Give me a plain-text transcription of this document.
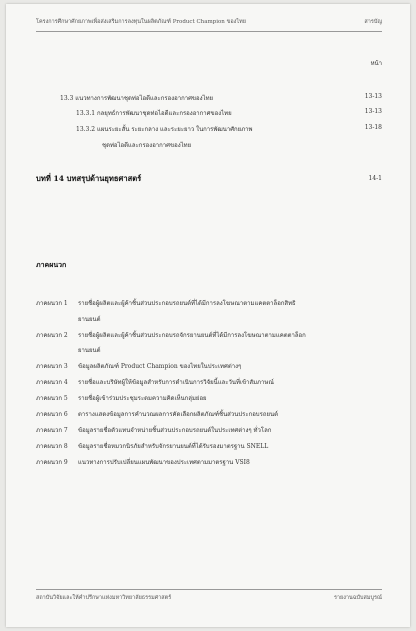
โครงการศึกษาศักยภาพเพื่อส่งเสริมการลงทุนในผลิตภัณฑ์ Product Champion ของไทย	สารบัญ
หน้า
13.3 แนวทางการพัฒนาชุดท่อไอดีและกรองอากาศของไทย	13-13
13.3.1 กลยุทธ์การพัฒนาชุดท่อไอดีและกรองอากาศของไทย	13-13
13.3.2 แผนระยะสั้น ระยะกลาง และระยะยาว ในการพัฒนาศักยภาพ	13-18
ชุดท่อไอดีและกรองอากาศของไทย
บทที่ 14 บทสรุปด้านยุทธศาสตร์	14-1
ภาคผนวก
ภาคผนวก 1 รายชื่อผู้ผลิตและผู้ค้าชิ้นส่วนประกอบรถยนต์ที่ได้มีการลงโฆษณาตามแคตตาล็อกสิทธิ
ยานยนต์
ภาคผนวก 2 รายชื่อผู้ผลิตและผู้ค้าชิ้นส่วนประกอบรถจักรยานยนต์ที่ได้มีการลงโฆษณาตามแคตตาล็อก
ยานยนต์
ภาคผนวก 3 ข้อมูลผลิตภัณฑ์ Product Champion ของไทยในประเทศต่างๆ
ภาคผนวก 4 รายชื่อและบริษัทผู้ให้ข้อมูลสำหรับการดำเนินการวิจัยนี้และวันที่เข้าสัมภาษณ์
ภาคผนวก 5 รายชื่อผู้เข้าร่วมประชุมระดมความคิดเห็นกลุ่มย่อย
ภาคผนวก 6 ตารางแสดงข้อมูลการคำนวณผลการคัดเลือกผลิตภัณฑ์ชิ้นส่วนประกอบรถยนต์
ภาคผนวก 7 ข้อมูลรายชื่อตัวแทนจำหน่ายชิ้นส่วนประกอบรถยนต์ในประเทศต่างๆ ทั่วโลก
ภาคผนวก 8 ข้อมูลรายชื่อหมวกนิรภัยสำหรับจักรยานยนต์ที่ได้รับรองมาตรฐาน SNELL
ภาคผนวก 9 แนวทางการปรับเปลี่ยนแผนพัฒนาของประเทศตามมาตรฐาน VSI8
สถาบันวิจัยและให้คำปรึกษาแห่งมหาวิทยาลัยธรรมศาสตร์	รายงานฉบับสมบูรณ์
